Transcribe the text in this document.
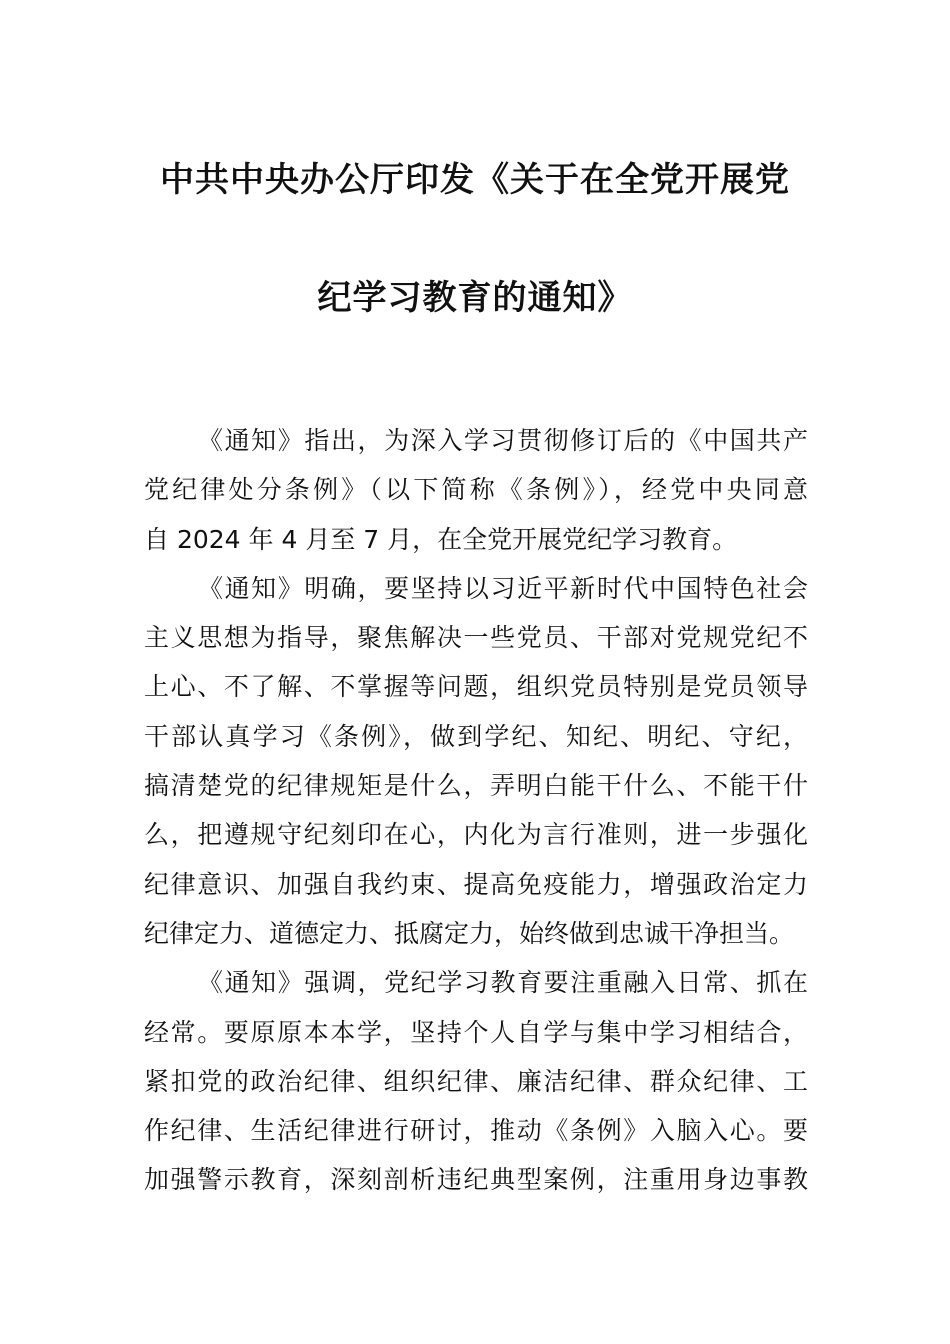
中共中央办公厅印发《关于在全党开展党
纪学习教育的通知》
《通知》指出，为深入学习贯彻修订后的《中国共产
党纪律处分条例》（以下简称《条例》），经党中央同意
自 2024 年 4 月至 7 月，在全党开展党纪学习教育。
《通知》明确，要坚持以习近平新时代中国特色社会
主义思想为指导，聚焦解决一些党员、干部对党规党纪不
上心、不了解、不掌握等问题，组织党员特别是党员领导
干部认真学习《条例》，做到学纪、知纪、明纪、守纪，
搞清楚党的纪律规矩是什么，弄明白能干什么、不能干什
么，把遵规守纪刻印在心，内化为言行准则，进一步强化
纪律意识、加强自我约束、提高免疫能力，增强政治定力
纪律定力、道德定力、抵腐定力，始终做到忠诚干净担当。
《通知》强调，党纪学习教育要注重融入日常、抓在
经常。要原原本本学，坚持个人自学与集中学习相结合，
紧扣党的政治纪律、组织纪律、廉洁纪律、群众纪律、工
作纪律、生活纪律进行研讨，推动《条例》入脑入心。要
加强警示教育，深刻剖析违纪典型案例，注重用身边事教
